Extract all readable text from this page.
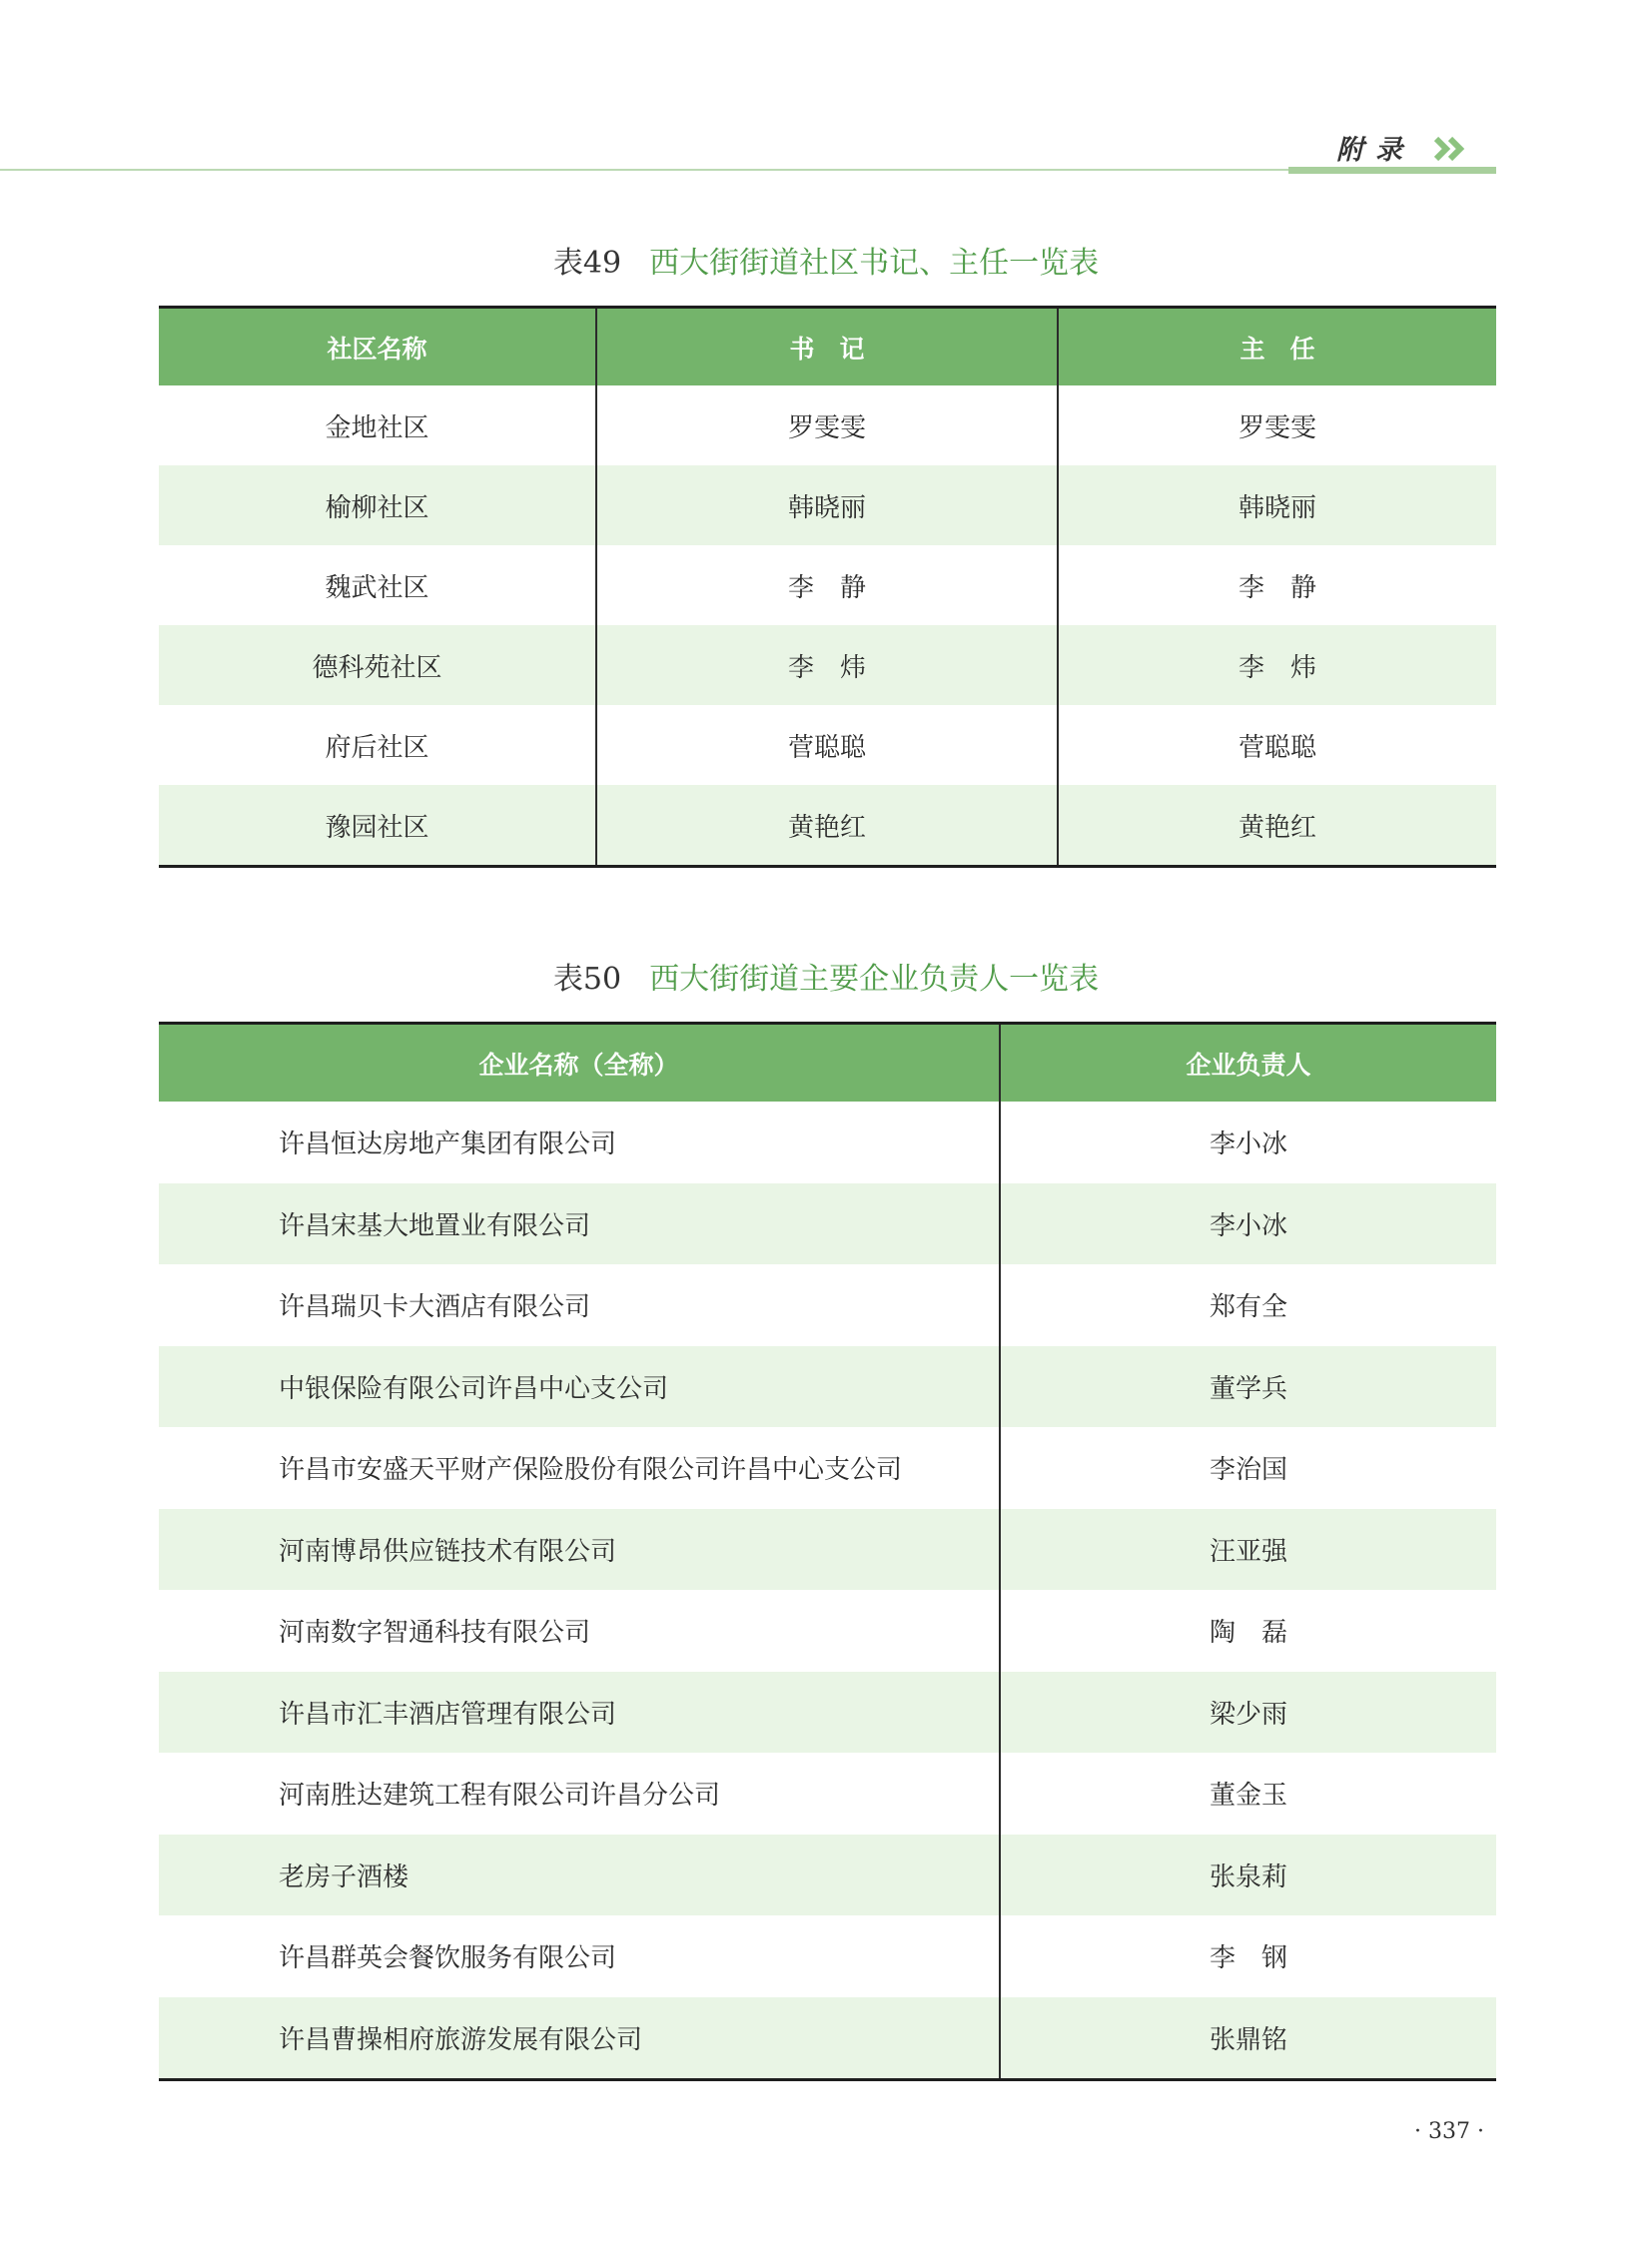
附录
表49 西大街街道社区书记、主任一览表
社区名称	书　记	主　任
金地社区	罗雯雯	罗雯雯
榆柳社区	韩晓丽	韩晓丽
魏武社区	李　静	李　静
德科苑社区	李　炜	李　炜
府后社区	菅聪聪	菅聪聪
豫园社区	黄艳红	黄艳红
表50 西大街街道主要企业负责人一览表
企业名称（全称）	企业负责人
许昌恒达房地产集团有限公司	李小冰
许昌宋基大地置业有限公司	李小冰
许昌瑞贝卡大酒店有限公司	郑有全
中银保险有限公司许昌中心支公司	董学兵
许昌市安盛天平财产保险股份有限公司许昌中心支公司	李治国
河南博昂供应链技术有限公司	汪亚强
河南数字智通科技有限公司	陶　磊
许昌市汇丰酒店管理有限公司	梁少雨
河南胜达建筑工程有限公司许昌分公司	董金玉
老房子酒楼	张泉莉
许昌群英会餐饮服务有限公司	李　钢
许昌曹操相府旅游发展有限公司	张鼎铭
· 337 ·
